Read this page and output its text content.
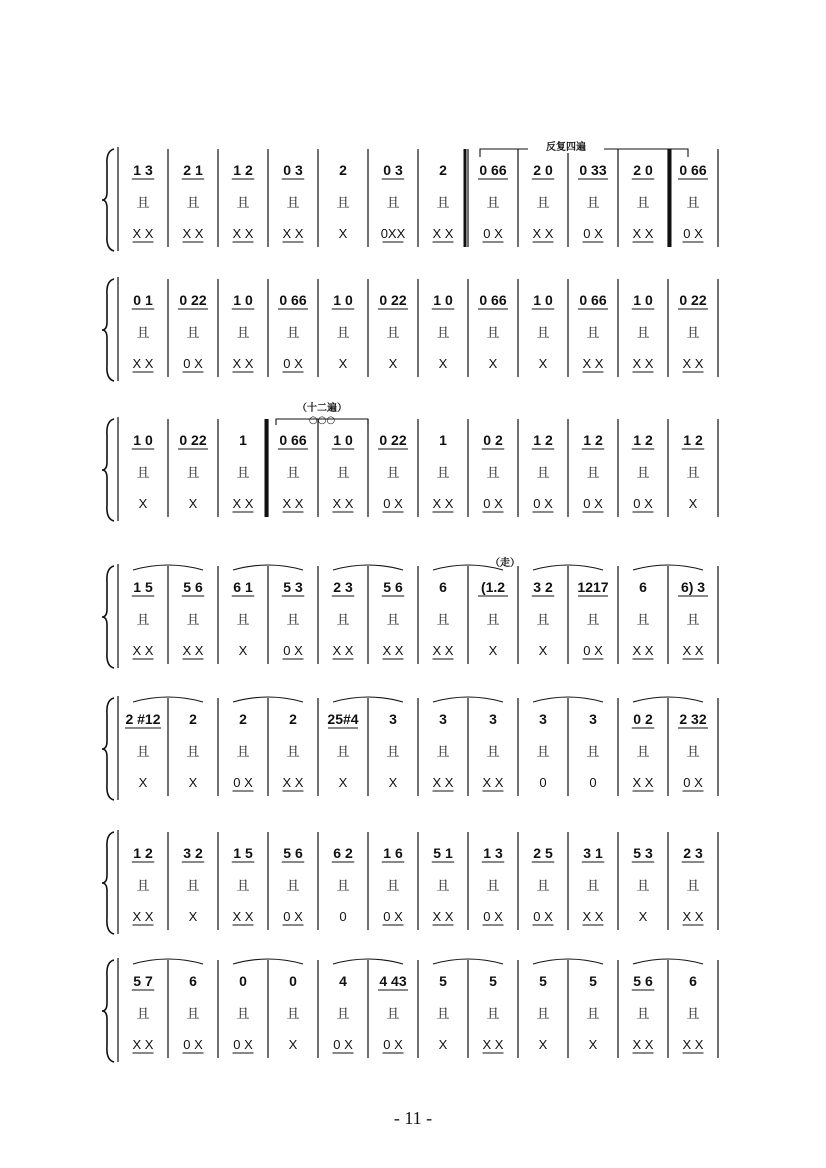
1 3
且
X X
2 1
且
X X
1 2
且
X X
0 3
且
X X
2
且
X
0 3
且
0XX
2
且
X X
0 66
且
0 X
2 0
且
X X
0 33
且
0 X
2 0
且
X X
0 66
且
0 X
0 1
且
X X
0 22
且
0 X
1 0
且
X X
0 66
且
0 X
1 0
且
X
0 22
且
X
1 0
且
X
0 66
且
X
1 0
且
X
0 66
且
X X
1 0
且
X X
0 22
且
X X
1 0
且
X
0 22
且
X
1
且
X X
0 66
且
X X
1 0
且
X X
0 22
且
0 X
1
且
X X
0 2
且
0 X
1 2
且
0 X
1 2
且
0 X
1 2
且
0 X
1 2
且
X
1 5
且
X X
5 6
且
X X
6 1
且
X
5 3
且
0 X
2 3
且
X X
5 6
且
X X
6
且
X X
(1.2
且
X
3 2
且
X
1217
且
0 X
6
且
X X
6) 3
且
X X
2 #12
且
X
2
且
X
2
且
0 X
2
且
X X
25#4
且
X
3
且
X
3
且
X X
3
且
X X
3
且
0
3
且
0
0 2
且
X X
2 32
且
0 X
1 2
且
X X
3 2
且
X
1 5
且
X X
5 6
且
0 X
6 2
且
0
1 6
且
0 X
5 1
且
X X
1 3
且
0 X
2 5
且
0 X
3 1
且
X X
5 3
且
X
2 3
且
X X
5 7
且
X X
6
且
0 X
0
且
0 X
0
且
X
4
且
0 X
4 43
且
0 X
5
且
X
5
且
X X
5
且
X
5
且
X
5 6
且
X X
6
且
X X
反复四遍
（十二遍）
○○○
（走）
- 11 -
